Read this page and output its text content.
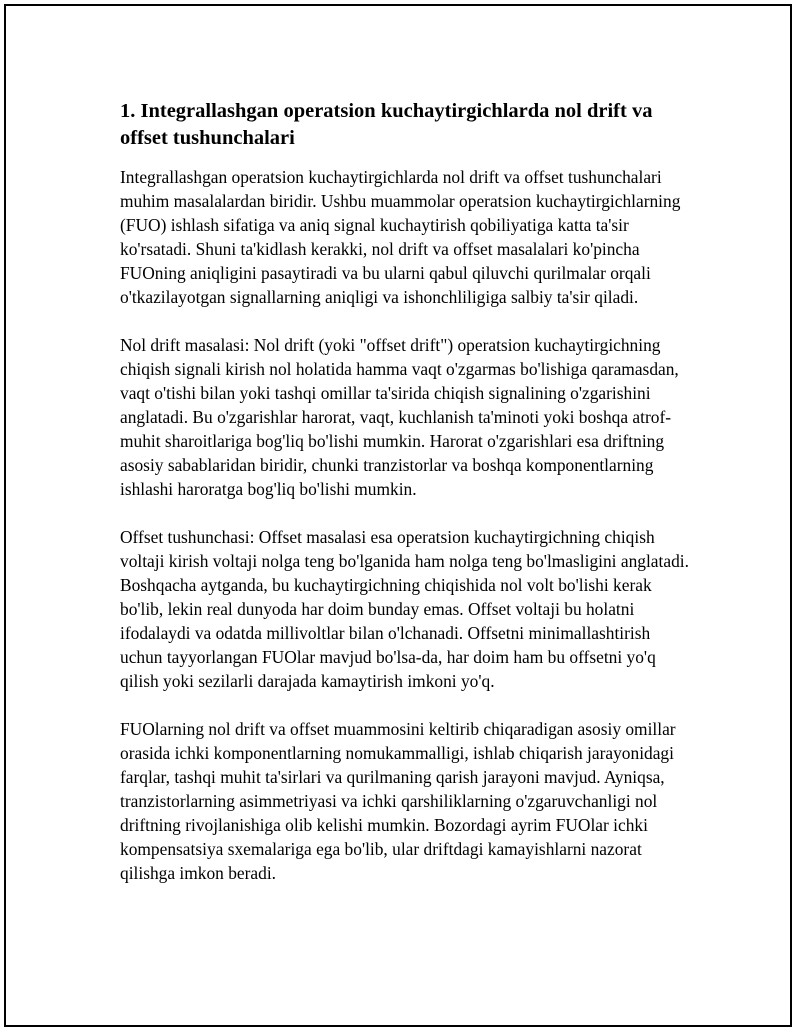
1. Integrallashgan operatsion kuchaytirgichlarda nol drift va offset tushunchalari

Integrallashgan operatsion kuchaytirgichlarda nol drift va offset tushunchalari muhim masalalardan biridir. Ushbu muammolar operatsion kuchaytirgichlarning (FUO) ishlash sifatiga va aniq signal kuchaytirish qobiliyatiga katta ta'sir ko'rsatadi. Shuni ta'kidlash kerakki, nol drift va offset masalalari ko'pincha FUOning aniqligini pasaytiradi va bu ularni qabul qiluvchi qurilmalar orqali o'tkazilayotgan signallarning aniqligi va ishonchliligiga salbiy ta'sir qiladi.

Nol drift masalasi: Nol drift (yoki "offset drift") operatsion kuchaytirgichning chiqish signali kirish nol holatida hamma vaqt o'zgarmas bo'lishiga qaramasdan, vaqt o'tishi bilan yoki tashqi omillar ta'sirida chiqish signalining o'zgarishini anglatadi. Bu o'zgarishlar harorat, vaqt, kuchlanish ta'minoti yoki boshqa atrof-muhit sharoitlariga bog'liq bo'lishi mumkin. Harorat o'zgarishlari esa driftning asosiy sabablaridan biridir, chunki tranzistorlar va boshqa komponentlarning ishlashi haroratga bog'liq bo'lishi mumkin.

Offset tushunchasi: Offset masalasi esa operatsion kuchaytirgichning chiqish voltaji kirish voltaji nolga teng bo'lganida ham nolga teng bo'lmasligini anglatadi. Boshqacha aytganda, bu kuchaytirgichning chiqishida nol volt bo'lishi kerak bo'lib, lekin real dunyoda har doim bunday emas. Offset voltaji bu holatni ifodalaydi va odatda millivoltlar bilan o'lchanadi. Offsetni minimallashtirish uchun tayyorlangan FUOlar mavjud bo'lsa-da, har doim ham bu offsetni yo'q qilish yoki sezilarli darajada kamaytirish imkoni yo'q.

FUOlarning nol drift va offset muammosini keltirib chiqaradigan asosiy omillar orasida ichki komponentlarning nomukammalligi, ishlab chiqarish jarayonidagi farqlar, tashqi muhit ta'sirlari va qurilmaning qarish jarayoni mavjud. Ayniqsa, tranzistorlarning asimmetriyasi va ichki qarshiliklarning o'zgaruvchanligi nol driftning rivojlanishiga olib kelishi mumkin. Bozordagi ayrim FUOlar ichki kompensatsiya sxemalariga ega bo'lib, ular driftdagi kamayishlarni nazorat qilishga imkon beradi.
